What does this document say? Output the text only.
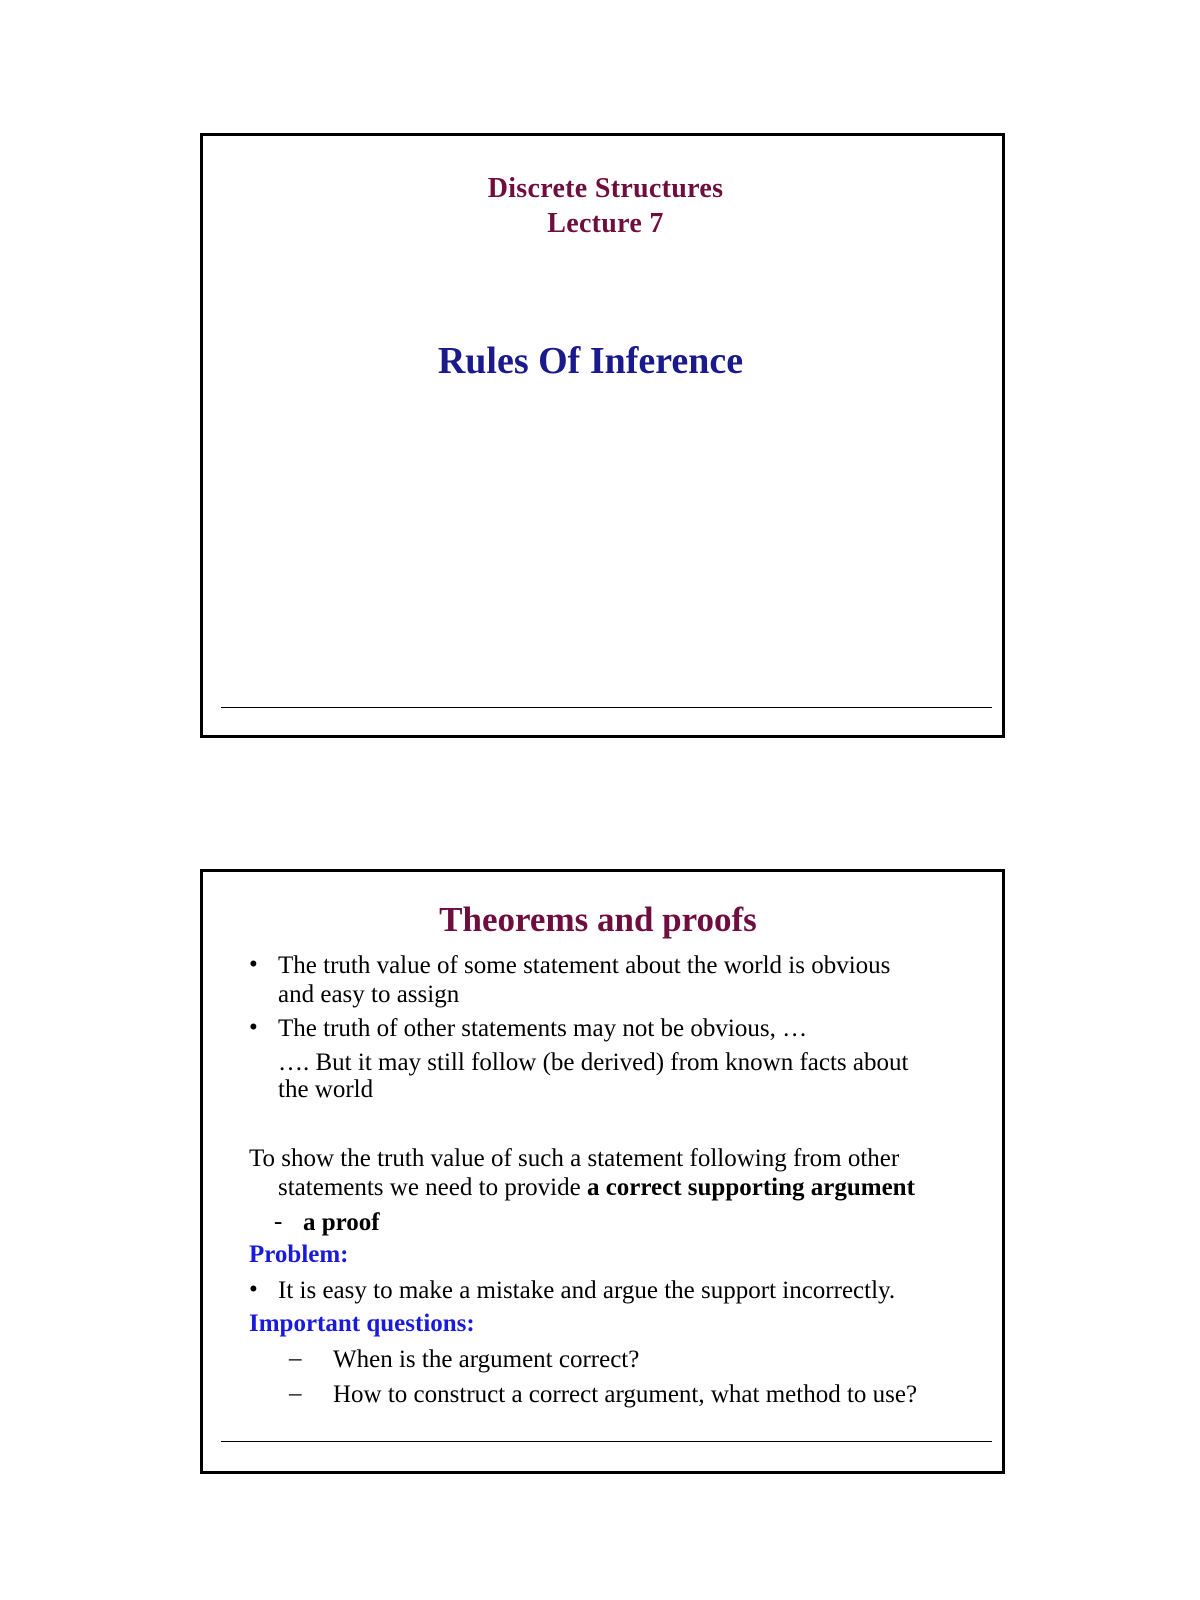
Discrete Structures
Lecture 7
Rules Of Inference
Theorems and proofs
• The truth value of some statement about the world is obvious
and easy to assign
• The truth of other statements may not be obvious, …
…. But it may still follow (be derived) from known facts about
the world
To show the truth value of such a statement following from other
statements we need to provide a correct supporting argument
- a proof
Problem:
• It is easy to make a mistake and argue the support incorrectly.
Important questions:
– When is the argument correct?
– How to construct a correct argument, what method to use?
